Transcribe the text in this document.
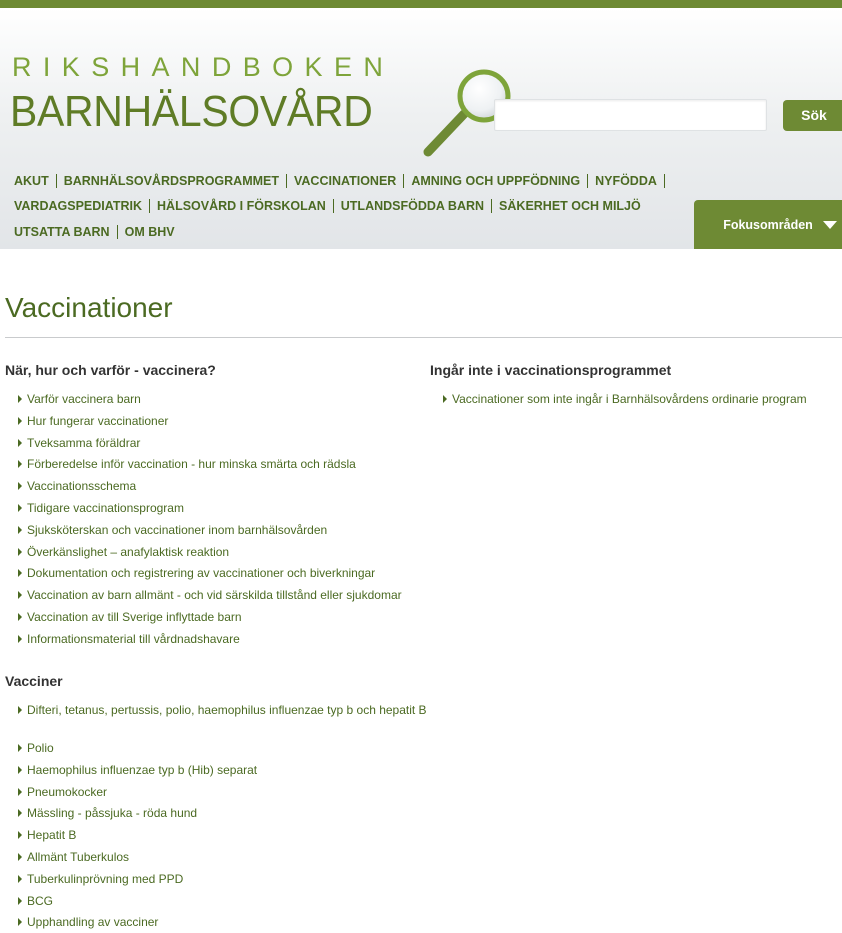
RIKSHANDBOKEN
BARNHÄLSOVÅRD	Sök
AKUT	BARNHÄLSOVÅRDSPROGRAMMET	VACCINATIONER	AMNING OCH UPPFÖDNING	NYFÖDDA
VARDAGSPEDIATRIK	HÄLSOVÅRD I FÖRSKOLAN	UTLANDSFÖDDA BARN	SÄKERHET OCH MILJÖ
UTSATTA BARN	OM BHV
Fokusområden
Vaccinationer
När, hur och varför - vaccinera?
Varför vaccinera barn
Hur fungerar vaccinationer
Tveksamma föräldrar
Förberedelse inför vaccination - hur minska smärta och rädsla
Vaccinationsschema
Tidigare vaccinationsprogram
Sjuksköterskan och vaccinationer inom barnhälsovården
Överkänslighet – anafylaktisk reaktion
Dokumentation och registrering av vaccinationer och biverkningar
Vaccination av barn allmänt - och vid särskilda tillstånd eller sjukdomar
Vaccination av till Sverige inflyttade barn
Informationsmaterial till vårdnadshavare
Vacciner
Difteri, tetanus, pertussis, polio, haemophilus influenzae typ b och hepatit B
Polio
Haemophilus influenzae typ b (Hib) separat
Pneumokocker
Mässling - påssjuka - röda hund
Hepatit B
Allmänt Tuberkulos
Tuberkulinprövning med PPD
BCG
Upphandling av vacciner
Ingår inte i vaccinationsprogrammet
Vaccinationer som inte ingår i Barnhälsovårdens ordinarie program
